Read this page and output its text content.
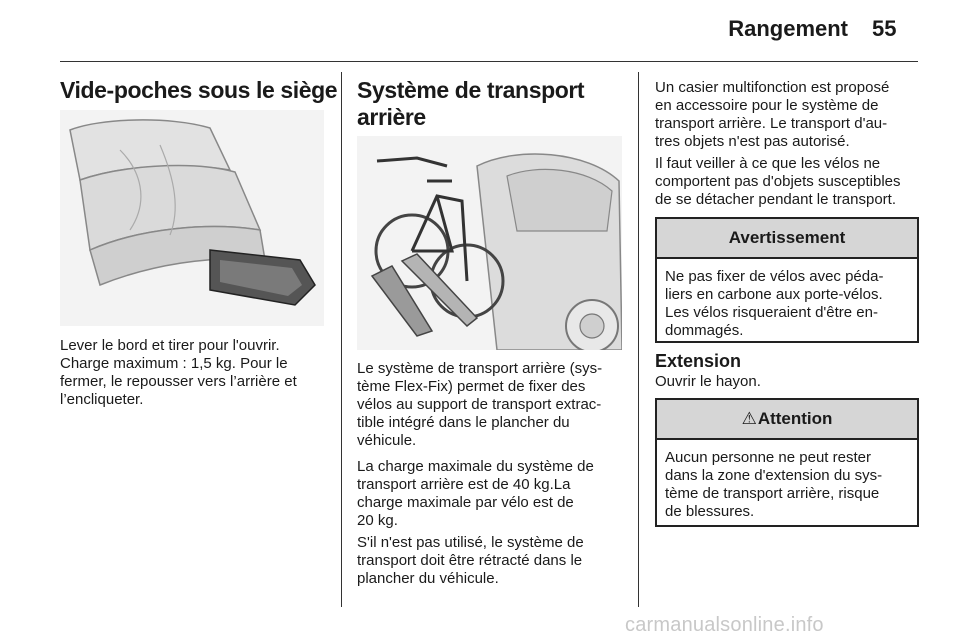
Rangement 55
Vide-poches sous le siège

Lever le bord et tirer pour l'ouvrir.
Charge maximum : 1,5 kg. Pour le
fermer, le repousser vers l’arrière et
l’encliqueter.

Système de transport
arrière

Le système de transport arrière (sys-
tème Flex-Fix) permet de fixer des
vélos au support de transport extrac-
tible intégré dans le plancher du
véhicule.

La charge maximale du système de
transport arrière est de 40 kg.La
charge maximale par vélo est de
20 kg.

S'il n'est pas utilisé, le système de
transport doit être rétracté dans le
plancher du véhicule.

Un casier multifonction est proposé
en accessoire pour le système de
transport arrière. Le transport d'au-
tres objets n'est pas autorisé.

Il faut veiller à ce que les vélos ne
comportent pas d'objets susceptibles
de se détacher pendant le transport.

Avertissement
Ne pas fixer de vélos avec péda-
liers en carbone aux porte-vélos.
Les vélos risqueraient d'être en-
dommagés.
Extension

Ouvrir le hayon.

⚠ Attention
Aucun personne ne peut rester
dans la zone d'extension du sys-
tème de transport arrière, risque
de blessures.
carmanualsonline.info
